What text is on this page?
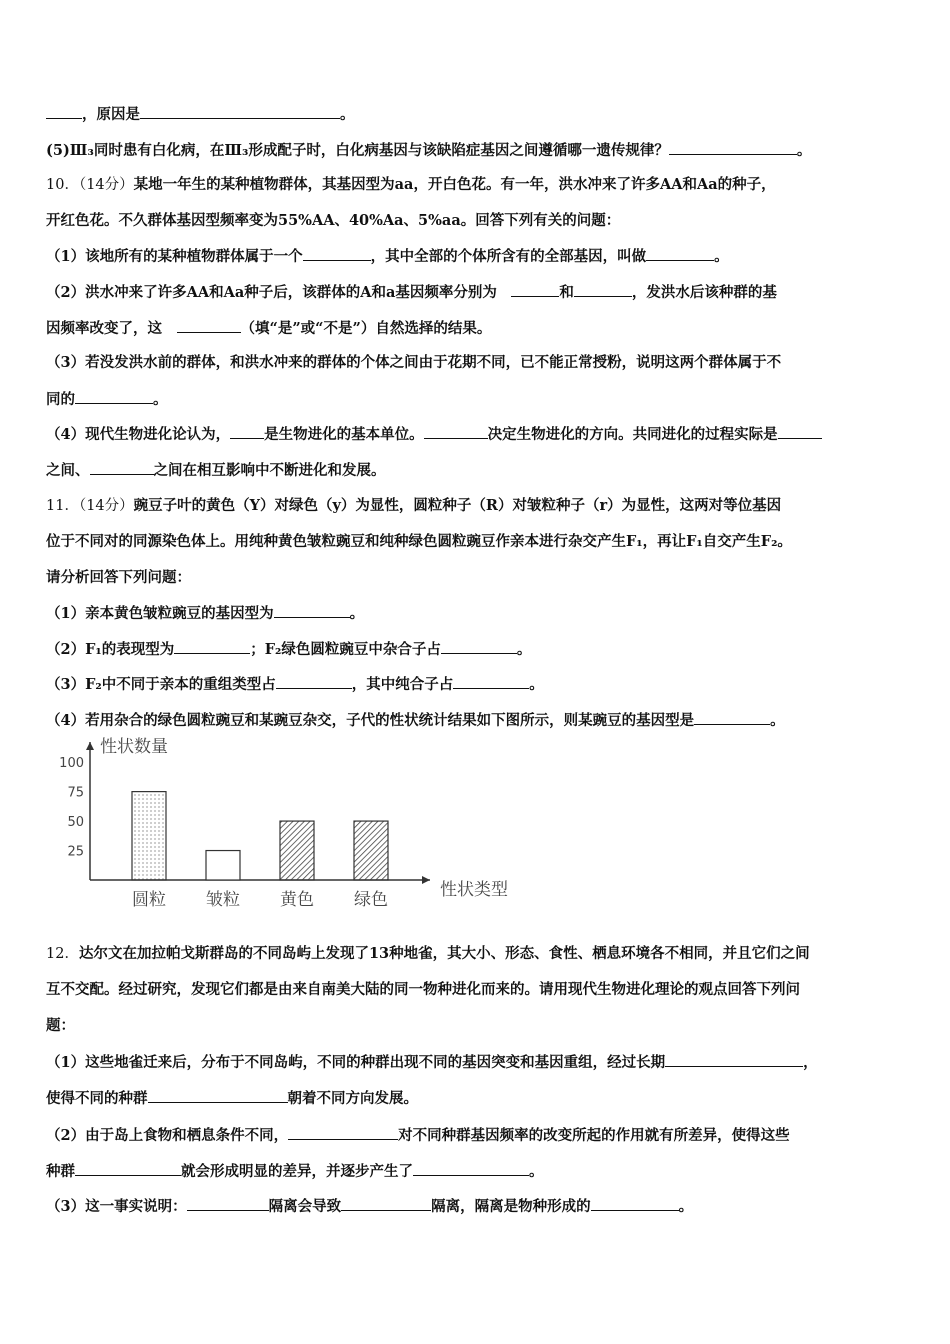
，原因是	。
(5)Ⅲ₃同时患有白化病，在Ⅲ₃形成配子时，白化病基因与该缺陷症基因之间遵循哪一遗传规律？	。
10．（14分）某地一年生的某种植物群体，其基因型为aa，开白色花。有一年，洪水冲来了许多AA和Aa的种子，
开红色花。不久群体基因型频率变为55%AA、40%Aa、5%aa。回答下列有关的问题：
（1）该地所有的某种植物群体属于一个	，其中全部的个体所含有的全部基因，叫做	。
（2）洪水冲来了许多AA和Aa种子后，该群体的A和a基因频率分别为　	和	，发洪水后该种群的基
因频率改变了，这　	（填“是”或“不是”）自然选择的结果。
（3）若没发洪水前的群体，和洪水冲来的群体的个体之间由于花期不同，已不能正常授粉，说明这两个群体属于不
同的	。
（4）现代生物进化论认为， 是生物进化的基本单位。	决定生物进化的方向。共同进化的过程实际是
之间、	之间在相互影响中不断进化和发展。
11．（14分）豌豆子叶的黄色（Y）对绿色（y）为显性，圆粒种子（R）对皱粒种子（r）为显性，这两对等位基因
位于不同对的同源染色体上。用纯种黄色皱粒豌豆和纯种绿色圆粒豌豆作亲本进行杂交产生F₁，再让F₁自交产生F₂。
请分析回答下列问题：
（1）亲本黄色皱粒豌豆的基因型为	。
（2）F₁的表现型为	；F₂绿色圆粒豌豆中杂合子占	。
（3）F₂中不同于亲本的重组类型占	，其中纯合子占	。
（4）若用杂合的绿色圆粒豌豆和某豌豆杂交，子代的性状统计结果如下图所示，则某豌豆的基因型是	。
12．达尔文在加拉帕戈斯群岛的不同岛屿上发现了13种地雀，其大小、形态、食性、栖息环境各不相同，并且它们之间
互不交配。经过研究，发现它们都是由来自南美大陆的同一物种进化而来的。请用现代生物进化理论的观点回答下列问
题：
（1）这些地雀迁来后，分布于不同岛屿，不同的种群出现不同的基因突变和基因重组，经过长期	，
使得不同的种群	朝着不同方向发展。
（2）由于岛上食物和栖息条件不同，	对不同种群基因频率的改变所起的作用就有所差异，使得这些
种群	就会形成明显的差异，并逐步产生了	。
（3）这一事实说明：	隔离会导致	隔离，隔离是物种形成的	。
性状数量
性状类型
25
50
75
100
圆粒 皱粒 黄色 绿色
